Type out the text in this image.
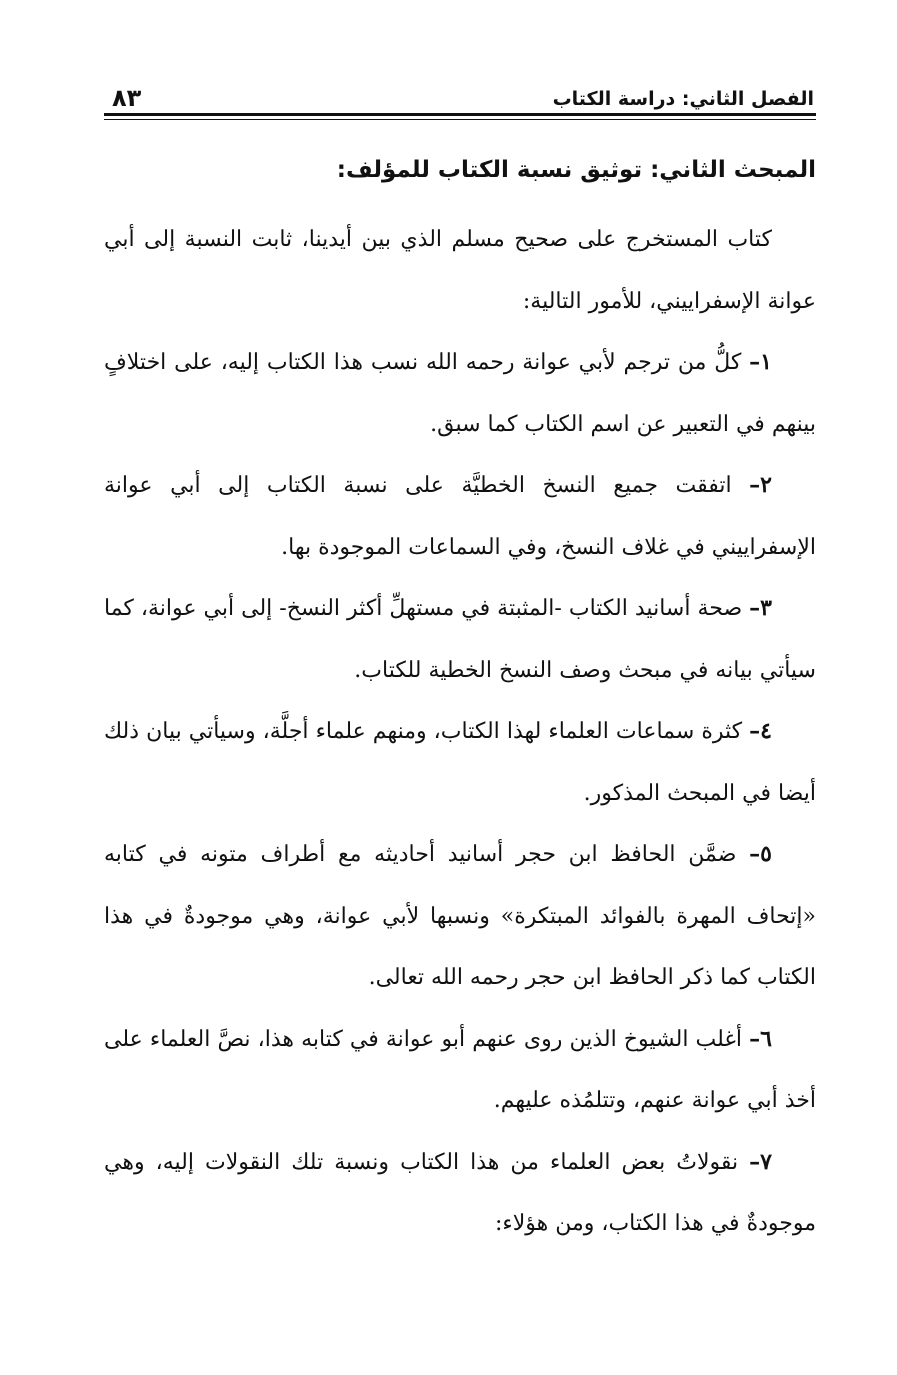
الفصل الثاني: دراسة الكتاب
٨٣
المبحث الثاني: توثيق نسبة الكتاب للمؤلف:

كتاب المستخرج على صحيح مسلم الذي بين أيدينا، ثابت النسبة إلى أبي عوانة الإسفراييني، للأمور التالية:

١– كلُّ من ترجم لأبي عوانة رحمه الله نسب هذا الكتاب إليه، على اختلافٍ بينهم في التعبير عن اسم الكتاب كما سبق.

٢– اتفقت جميع النسخ الخطيَّة على نسبة الكتاب إلى أبي عوانة الإسفراييني في غلاف النسخ، وفي السماعات الموجودة بها.

٣– صحة أسانيد الكتاب -المثبتة في مستهلِّ أكثر النسخ- إلى أبي عوانة، كما سيأتي بيانه في مبحث وصف النسخ الخطية للكتاب.

٤– كثرة سماعات العلماء لهذا الكتاب، ومنهم علماء أجلَّة، وسيأتي بيان ذلك أيضا في المبحث المذكور.

٥– ضمَّن الحافظ ابن حجر أسانيد أحاديثه مع أطراف متونه في كتابه «إتحاف المهرة بالفوائد المبتكرة» ونسبها لأبي عوانة، وهي موجودةٌ في هذا الكتاب كما ذكر الحافظ ابن حجر رحمه الله تعالى.

٦– أغلب الشيوخ الذين روى عنهم أبو عوانة في كتابه هذا، نصَّ العلماء على أخذ أبي عوانة عنهم، وتتلمُذه عليهم.

٧– نقولاتُ بعض العلماء من هذا الكتاب ونسبة تلك النقولات إليه، وهي موجودةٌ في هذا الكتاب، ومن هؤلاء:
